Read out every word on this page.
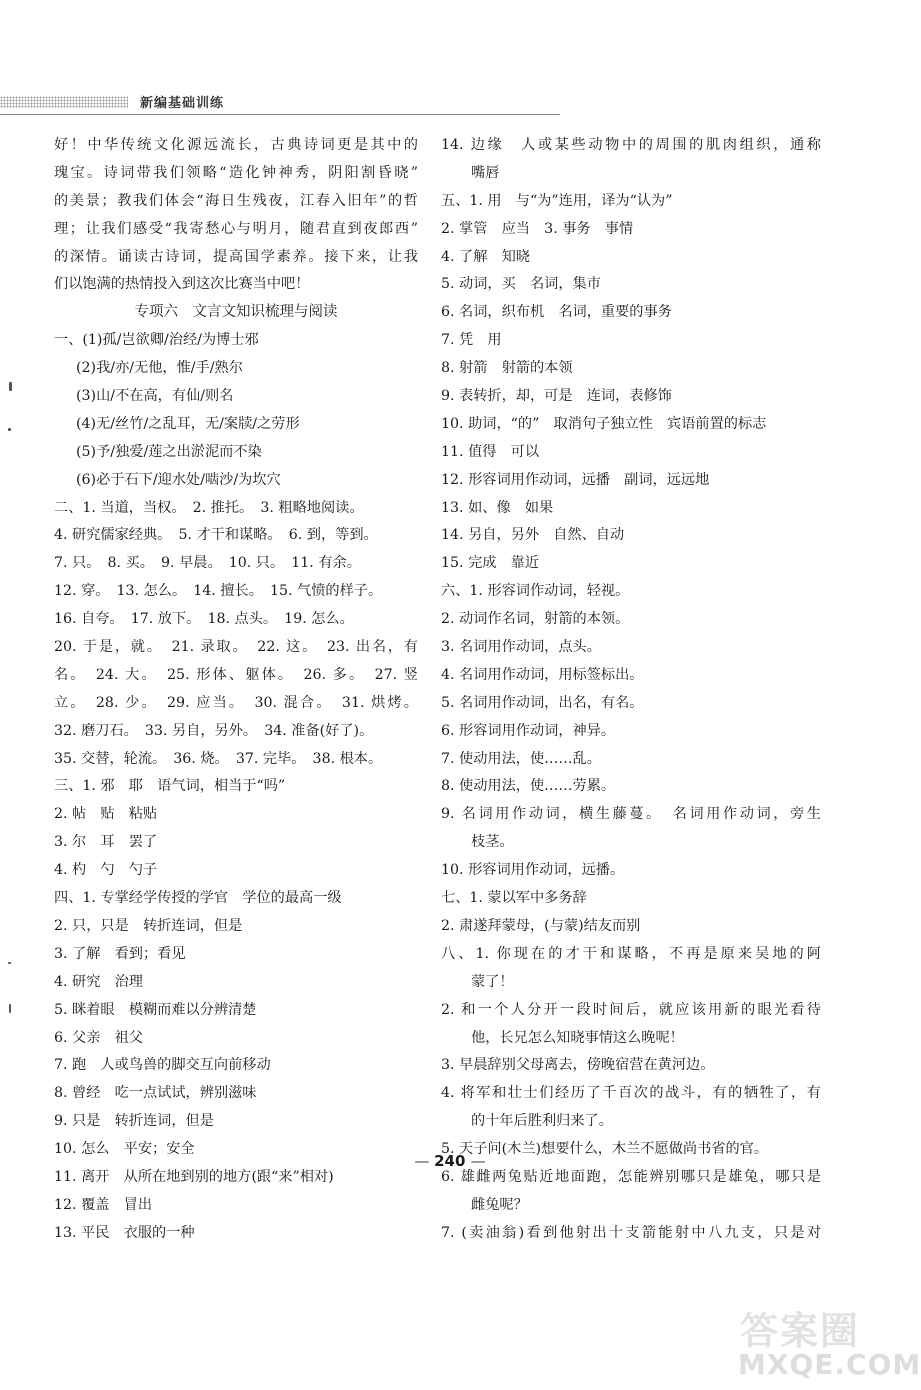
新编基础训练
好！中华传统文化源远流长，古典诗词更是其中的
瑰宝。诗词带我们领略“造化钟神秀，阴阳割昏晓”
的美景；教我们体会“海日生残夜，江春入旧年”的哲
理；让我们感受“我寄愁心与明月，随君直到夜郎西”
的深情。诵读古诗词，提高国学素养。接下来，让我
们以饱满的热情投入到这次比赛当中吧！
专项六　文言文知识梳理与阅读
一、(1)孤/岂欲卿/治经/为博士邪
(2)我/亦/无他，惟/手/熟尔
(3)山/不在高，有仙/则名
(4)无/丝竹/之乱耳，无/案牍/之劳形
(5)予/独爱/莲之出淤泥而不染
(6)必于石下/迎水处/啮沙/为坎穴
二、1. 当道，当权。　2. 推托。　3. 粗略地阅读。
4. 研究儒家经典。　5. 才干和谋略。　6. 到，等到。
7. 只。　8. 买。　9. 早晨。　10. 只。　11. 有余。
12. 穿。　13. 怎么。　14. 擅长。　15. 气愤的样子。
16. 自夸。　17. 放下。　18. 点头。　19. 怎么。
20. 于是，就。　21. 录取。　22. 这。　23. 出名，有
名。　24. 大。　25. 形体、躯体。　26. 多。　27. 竖
立。　28. 少。　29. 应当。　30. 混合。　31. 烘烤。
32. 磨刀石。　33. 另自，另外。　34. 准备(好了)。
35. 交替，轮流。　36. 烧。　37. 完毕。　38. 根本。
三、1. 邪　耶　语气词，相当于“吗”
2. 帖　贴　粘贴
3. 尔　耳　罢了
4. 杓　勺　勺子
四、1. 专掌经学传授的学官　学位的最高一级
2. 只，只是　转折连词，但是
3. 了解　看到；看见
4. 研究　治理
5. 眯着眼　模糊而难以分辨清楚
6. 父亲　祖父
7. 跑　人或鸟兽的脚交互向前移动
8. 曾经　吃一点试试，辨别滋味
9. 只是　转折连词，但是
10. 怎么　平安；安全
11. 离开　从所在地到别的地方(跟“来”相对)
12. 覆盖　冒出
13. 平民　衣服的一种
14. 边缘　人或某些动物中的周围的肌肉组织，通称
嘴唇
五、1. 用　与“为”连用，译为“认为”
2. 掌管　应当　3. 事务　事情
4. 了解　知晓
5. 动词，买　名词，集市
6. 名词，织布机　名词，重要的事务
7. 凭　用
8. 射箭　射箭的本领
9. 表转折，却，可是　连词，表修饰
10. 助词，“的”　取消句子独立性　宾语前置的标志
11. 值得　可以
12. 形容词用作动词，远播　副词，远远地
13. 如、像　如果
14. 另自，另外　自然、自动
15. 完成　靠近
六、1. 形容词作动词，轻视。
2. 动词作名词，射箭的本领。
3. 名词用作动词，点头。
4. 名词用作动词，用标签标出。
5. 名词用作动词，出名，有名。
6. 形容词用作动词，神异。
7. 使动用法，使……乱。
8. 使动用法，使……劳累。
9. 名词用作动词，横生藤蔓。　名词用作动词，旁生
枝茎。
10. 形容词用作动词，远播。
七、1. 蒙以军中多务辞
2. 肃遂拜蒙母，(与蒙)结友而别
八、1. 你现在的才干和谋略，不再是原来吴地的阿
蒙了！
2. 和一个人分开一段时间后，就应该用新的眼光看待
他，长兄怎么知晓事情这么晚呢！
3. 早晨辞别父母离去，傍晚宿营在黄河边。
4. 将军和壮士们经历了千百次的战斗，有的牺牲了，有
的十年后胜利归来了。
5. 天子问(木兰)想要什么，木兰不愿做尚书省的官。
6. 雄雌两兔贴近地面跑，怎能辨别哪只是雄兔，哪只是
雌兔呢？
7. (卖油翁)看到他射出十支箭能射中八九支，只是对
— 240 —
答案圈
MXQE.COM
